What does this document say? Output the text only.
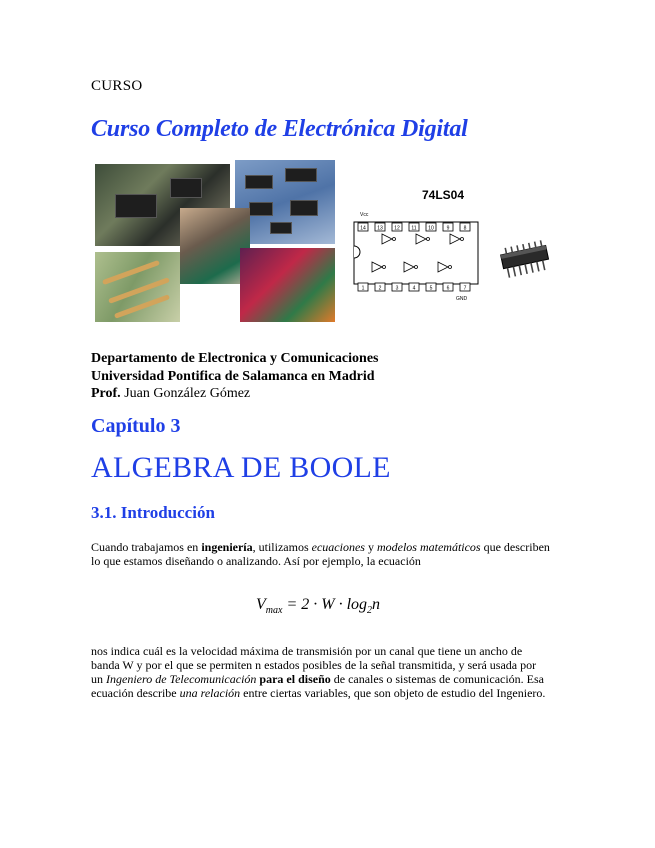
CURSO
Curso Completo de Electrónica Digital
74LS04
Vcc
14 13 12 11 10	9	8
1	2	3	4	5	6	7
GND
Departamento de Electronica y Comunicaciones
Universidad Pontifica de Salamanca en Madrid
Prof. Juan González Gómez
Capítulo 3
ALGEBRA DE BOOLE
3.1. Introducción
Cuando trabajamos en ingeniería, utilizamos ecuaciones y modelos matemáticos que describen lo que estamos diseñando o analizando. Así por ejemplo, la ecuación
$V_{max} = 2 \cdot W \cdot \log_2n$
nos indica cuál es la velocidad máxima de transmisión por un canal que tiene un ancho de banda W y por el que se permiten n estados posibles de la señal transmitida, y será usada por un Ingeniero de Telecomunicación para el diseño de canales o sistemas de comunicación. Esa ecuación describe una relación entre ciertas variables, que son objeto de estudio del Ingeniero.
